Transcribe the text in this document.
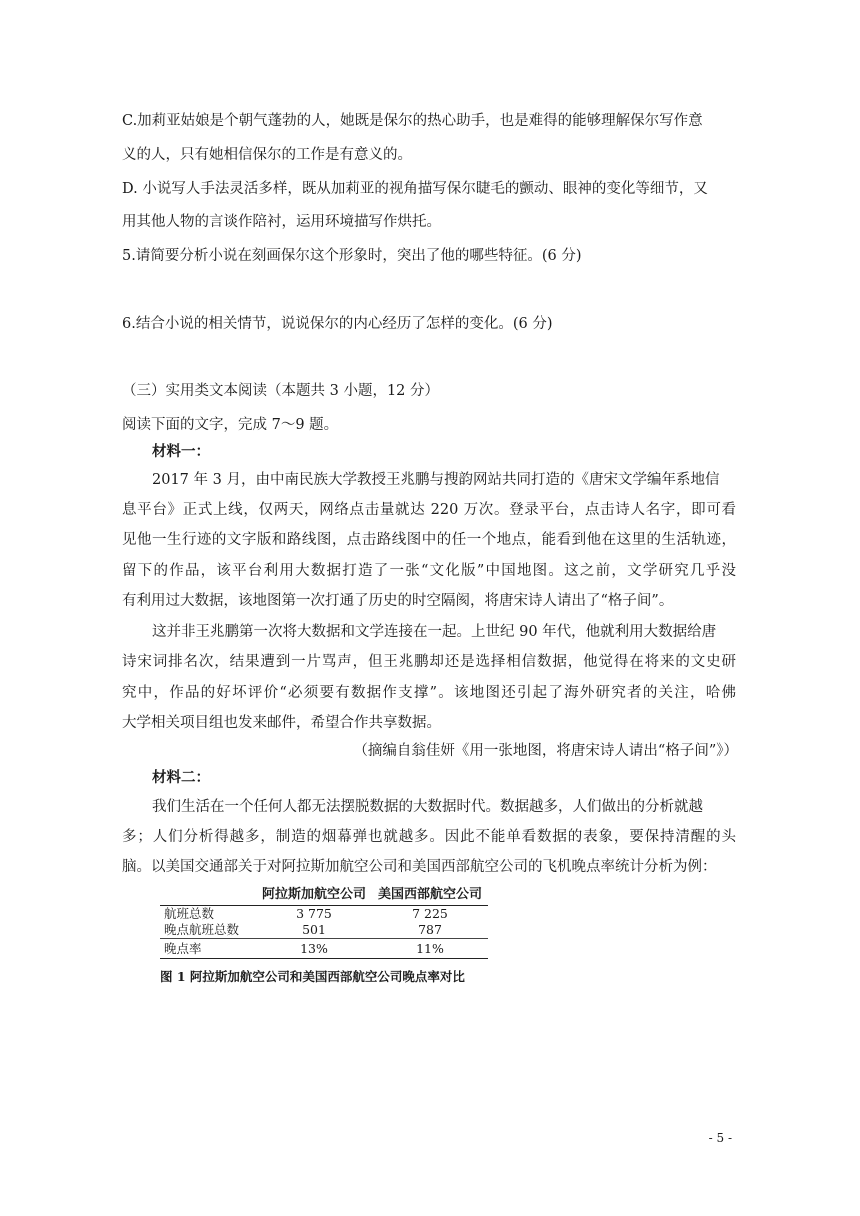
C.加莉亚姑娘是个朝气蓬勃的人，她既是保尔的热心助手，也是难得的能够理解保尔写作意
义的人，只有她相信保尔的工作是有意义的。
D. 小说写人手法灵活多样，既从加莉亚的视角描写保尔睫毛的颤动、眼神的变化等细节，又
用其他人物的言谈作陪衬，运用环境描写作烘托。
5.请简要分析小说在刻画保尔这个形象时，突出了他的哪些特征。(6 分)
6.结合小说的相关情节，说说保尔的内心经历了怎样的变化。(6 分)
（三）实用类文本阅读（本题共 3 小题，12 分）
阅读下面的文字，完成 7～9 题。
材料一：
2017 年 3 月，由中南民族大学教授王兆鹏与搜韵网站共同打造的《唐宋文学编年系地信
息平台》正式上线，仅两天，网络点击量就达 220 万次。登录平台，点击诗人名字，即可看
见他一生行迹的文字版和路线图，点击路线图中的任一个地点，能看到他在这里的生活轨迹，
留下的作品，该平台利用大数据打造了一张“文化版”中国地图。这之前，文学研究几乎没
有利用过大数据，该地图第一次打通了历史的时空隔阂，将唐宋诗人请出了“格子间”。
这并非王兆鹏第一次将大数据和文学连接在一起。上世纪 90 年代，他就利用大数据给唐
诗宋词排名次，结果遭到一片骂声，但王兆鹏却还是选择相信数据，他觉得在将来的文史研
究中，作品的好坏评价“必须要有数据作支撑”。该地图还引起了海外研究者的关注，哈佛
大学相关项目组也发来邮件，希望合作共享数据。
（摘编自翁佳妍《用一张地图，将唐宋诗人请出“格子间”》）
材料二：
我们生活在一个任何人都无法摆脱数据的大数据时代。数据越多，人们做出的分析就越
多；人们分析得越多，制造的烟幕弹也就越多。因此不能单看数据的表象，要保持清醒的头
脑。以美国交通部关于对阿拉斯加航空公司和美国西部航空公司的飞机晚点率统计分析为例：
	阿拉斯加航空公司	美国西部航空公司
航班总数	3 775	7 225
晚点航班总数	501	787
晚点率	13%	11%
图 1 阿拉斯加航空公司和美国西部航空公司晚点率对比
- 5 -
